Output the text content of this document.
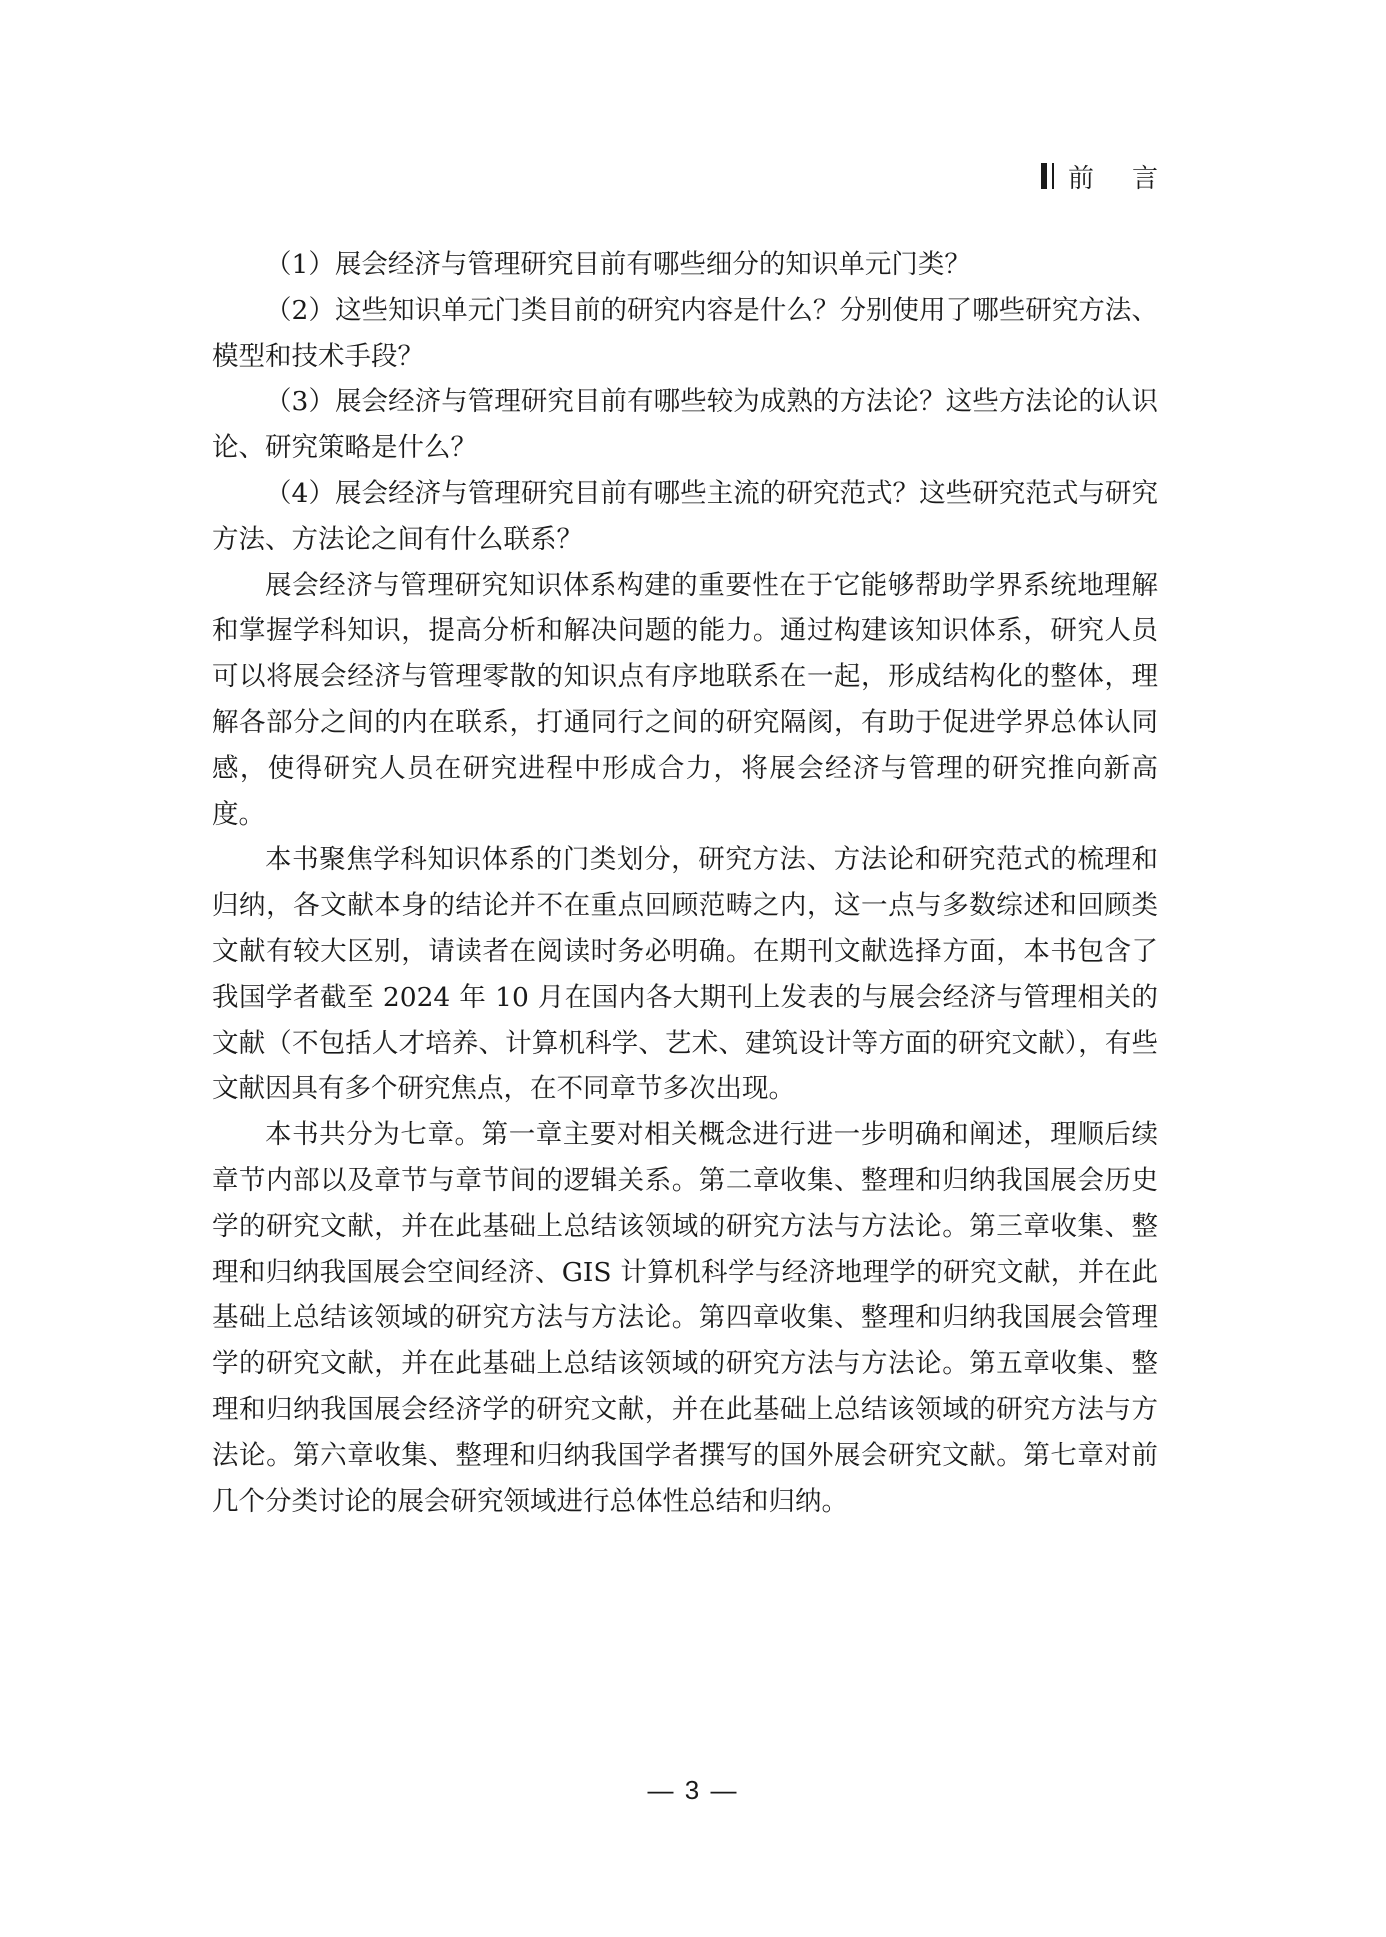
前言

（1）展会经济与管理研究目前有哪些细分的知识单元门类？

（2）这些知识单元门类目前的研究内容是什么？分别使用了哪些研究方法、模型和技术手段？

（3）展会经济与管理研究目前有哪些较为成熟的方法论？这些方法论的认识论、研究策略是什么？

（4）展会经济与管理研究目前有哪些主流的研究范式？这些研究范式与研究方法、方法论之间有什么联系？

展会经济与管理研究知识体系构建的重要性在于它能够帮助学界系统地理解和掌握学科知识，提高分析和解决问题的能力。通过构建该知识体系，研究人员可以将展会经济与管理零散的知识点有序地联系在一起，形成结构化的整体，理解各部分之间的内在联系，打通同行之间的研究隔阂，有助于促进学界总体认同感，使得研究人员在研究进程中形成合力，将展会经济与管理的研究推向新高度。

本书聚焦学科知识体系的门类划分，研究方法、方法论和研究范式的梳理和归纳，各文献本身的结论并不在重点回顾范畴之内，这一点与多数综述和回顾类文献有较大区别，请读者在阅读时务必明确。在期刊文献选择方面，本书包含了我国学者截至 2024 年 10 月在国内各大期刊上发表的与展会经济与管理相关的文献（不包括人才培养、计算机科学、艺术、建筑设计等方面的研究文献），有些文献因具有多个研究焦点，在不同章节多次出现。

本书共分为七章。第一章主要对相关概念进行进一步明确和阐述，理顺后续章节内部以及章节与章节间的逻辑关系。第二章收集、整理和归纳我国展会历史学的研究文献，并在此基础上总结该领域的研究方法与方法论。第三章收集、整理和归纳我国展会空间经济、GIS 计算机科学与经济地理学的研究文献，并在此基础上总结该领域的研究方法与方法论。第四章收集、整理和归纳我国展会管理学的研究文献，并在此基础上总结该领域的研究方法与方法论。第五章收集、整理和归纳我国展会经济学的研究文献，并在此基础上总结该领域的研究方法与方法论。第六章收集、整理和归纳我国学者撰写的国外展会研究文献。第七章对前几个分类讨论的展会研究领域进行总体性总结和归纳。

— 3 —
